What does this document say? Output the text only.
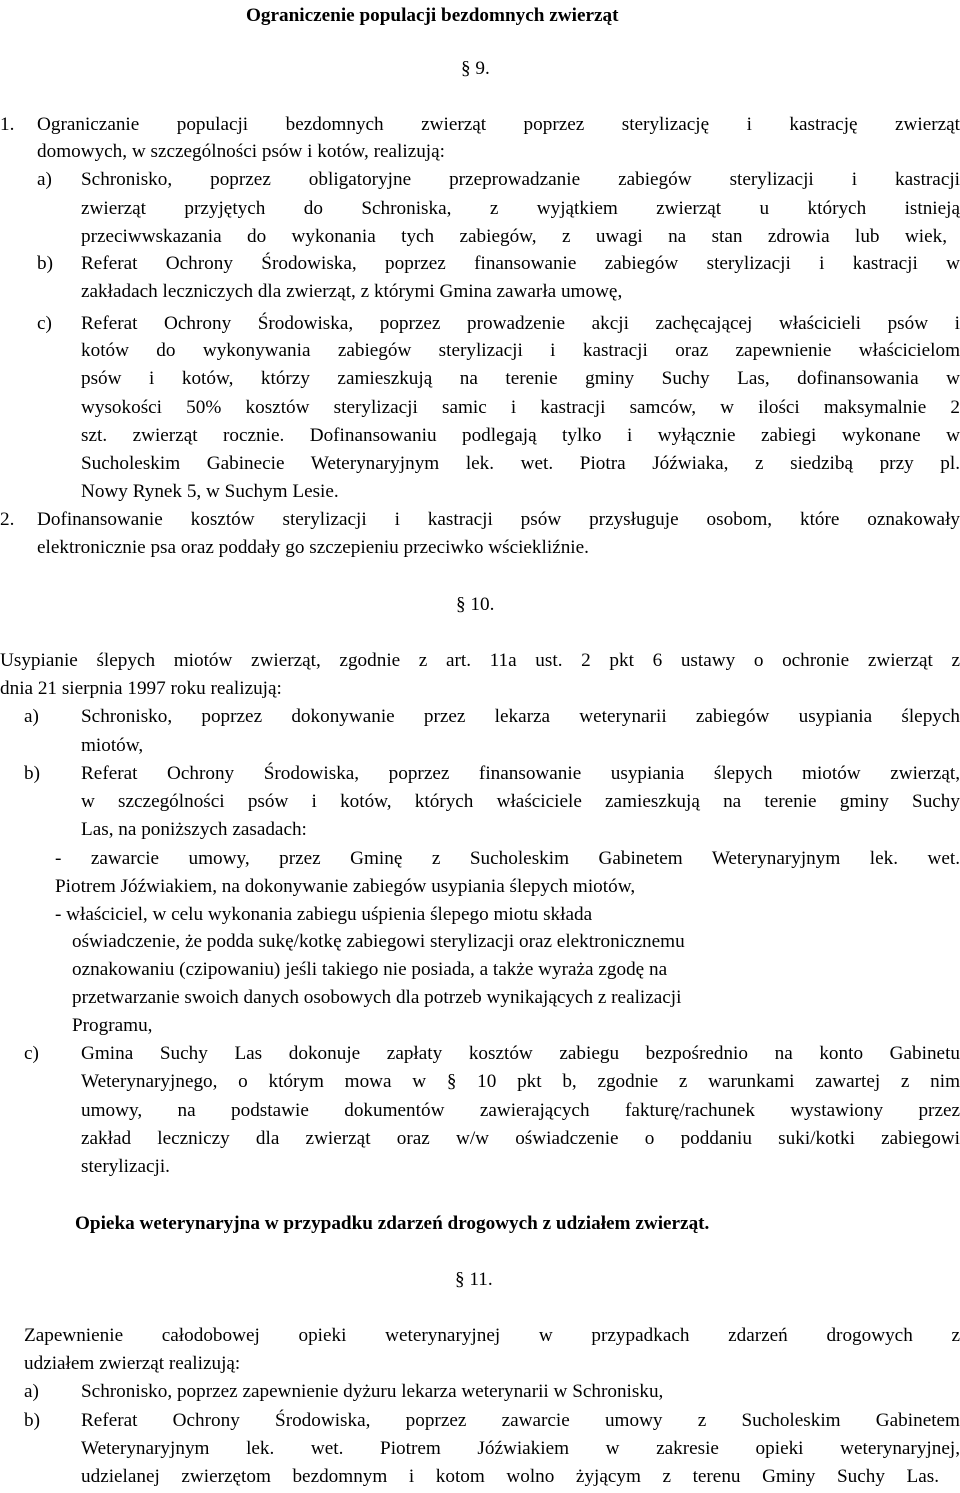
Ograniczenie populacji bezdomnych zwierząt
§ 9.
1. Ograniczanie populacji bezdomnych zwierząt poprzez sterylizację i kastrację zwierząt
domowych, w szczególności psów i kotów, realizują:
a) Schronisko, poprzez obligatoryjne przeprowadzanie zabiegów sterylizacji i kastracji
zwierząt przyjętych do Schroniska, z wyjątkiem zwierząt u których istnieją
przeciwwskazania do wykonania tych zabiegów, z uwagi na stan zdrowia lub wiek,
b) Referat Ochrony Środowiska, poprzez finansowanie zabiegów sterylizacji i kastracji w
zakładach leczniczych dla zwierząt, z którymi Gmina zawarła umowę,
c) Referat Ochrony Środowiska, poprzez prowadzenie akcji zachęcającej właścicieli psów i
kotów do wykonywania zabiegów sterylizacji i kastracji oraz zapewnienie właścicielom
psów i kotów, którzy zamieszkują na terenie gminy Suchy Las, dofinansowania w
wysokości 50% kosztów sterylizacji samic i kastracji samców, w ilości maksymalnie 2
szt. zwierząt rocznie. Dofinansowaniu podlegają tylko i wyłącznie zabiegi wykonane w
Sucholeskim Gabinecie Weterynaryjnym lek. wet. Piotra Jóźwiaka, z siedzibą przy pl.
Nowy Rynek 5, w Suchym Lesie.
2. Dofinansowanie kosztów sterylizacji i kastracji psów przysługuje osobom, które oznakowały
elektronicznie psa oraz poddały go szczepieniu przeciwko wściekliźnie.
§ 10.
Usypianie ślepych miotów zwierząt, zgodnie z art. 11a ust. 2 pkt 6 ustawy o ochronie zwierząt z
dnia 21 sierpnia 1997 roku realizują:
a) Schronisko, poprzez dokonywanie przez lekarza weterynarii zabiegów usypiania ślepych
miotów,
b) Referat Ochrony Środowiska, poprzez finansowanie usypiania ślepych miotów zwierząt,
w szczególności psów i kotów, których właściciele zamieszkują na terenie gminy Suchy
Las, na poniższych zasadach:
- zawarcie umowy, przez Gminę z Sucholeskim Gabinetem Weterynaryjnym lek. wet.
Piotrem Jóźwiakiem, na dokonywanie zabiegów usypiania ślepych miotów,
- właściciel, w celu wykonania zabiegu uśpienia ślepego miotu składa
oświadczenie, że podda sukę/kotkę zabiegowi sterylizacji oraz elektronicznemu
oznakowaniu (czipowaniu) jeśli takiego nie posiada, a także wyraża zgodę na
przetwarzanie swoich danych osobowych dla potrzeb wynikających z realizacji
Programu,
c) Gmina Suchy Las dokonuje zapłaty kosztów zabiegu bezpośrednio na konto Gabinetu
Weterynaryjnego, o którym mowa w § 10 pkt b, zgodnie z warunkami zawartej z nim
umowy, na podstawie dokumentów zawierających fakturę/rachunek wystawiony przez
zakład leczniczy dla zwierząt oraz w/w oświadczenie o poddaniu suki/kotki zabiegowi
sterylizacji.
Opieka weterynaryjna w przypadku zdarzeń drogowych z udziałem zwierząt.
§ 11.
Zapewnienie całodobowej opieki weterynaryjnej w przypadkach zdarzeń drogowych z
udziałem zwierząt realizują:
a) Schronisko, poprzez zapewnienie dyżuru lekarza weterynarii w Schronisku,
b) Referat Ochrony Środowiska, poprzez zawarcie umowy z Sucholeskim Gabinetem
Weterynaryjnym lek. wet. Piotrem Jóźwiakiem w zakresie opieki weterynaryjnej,
udzielanej zwierzętom bezdomnym i kotom wolno żyjącym z terenu Gminy Suchy Las.
